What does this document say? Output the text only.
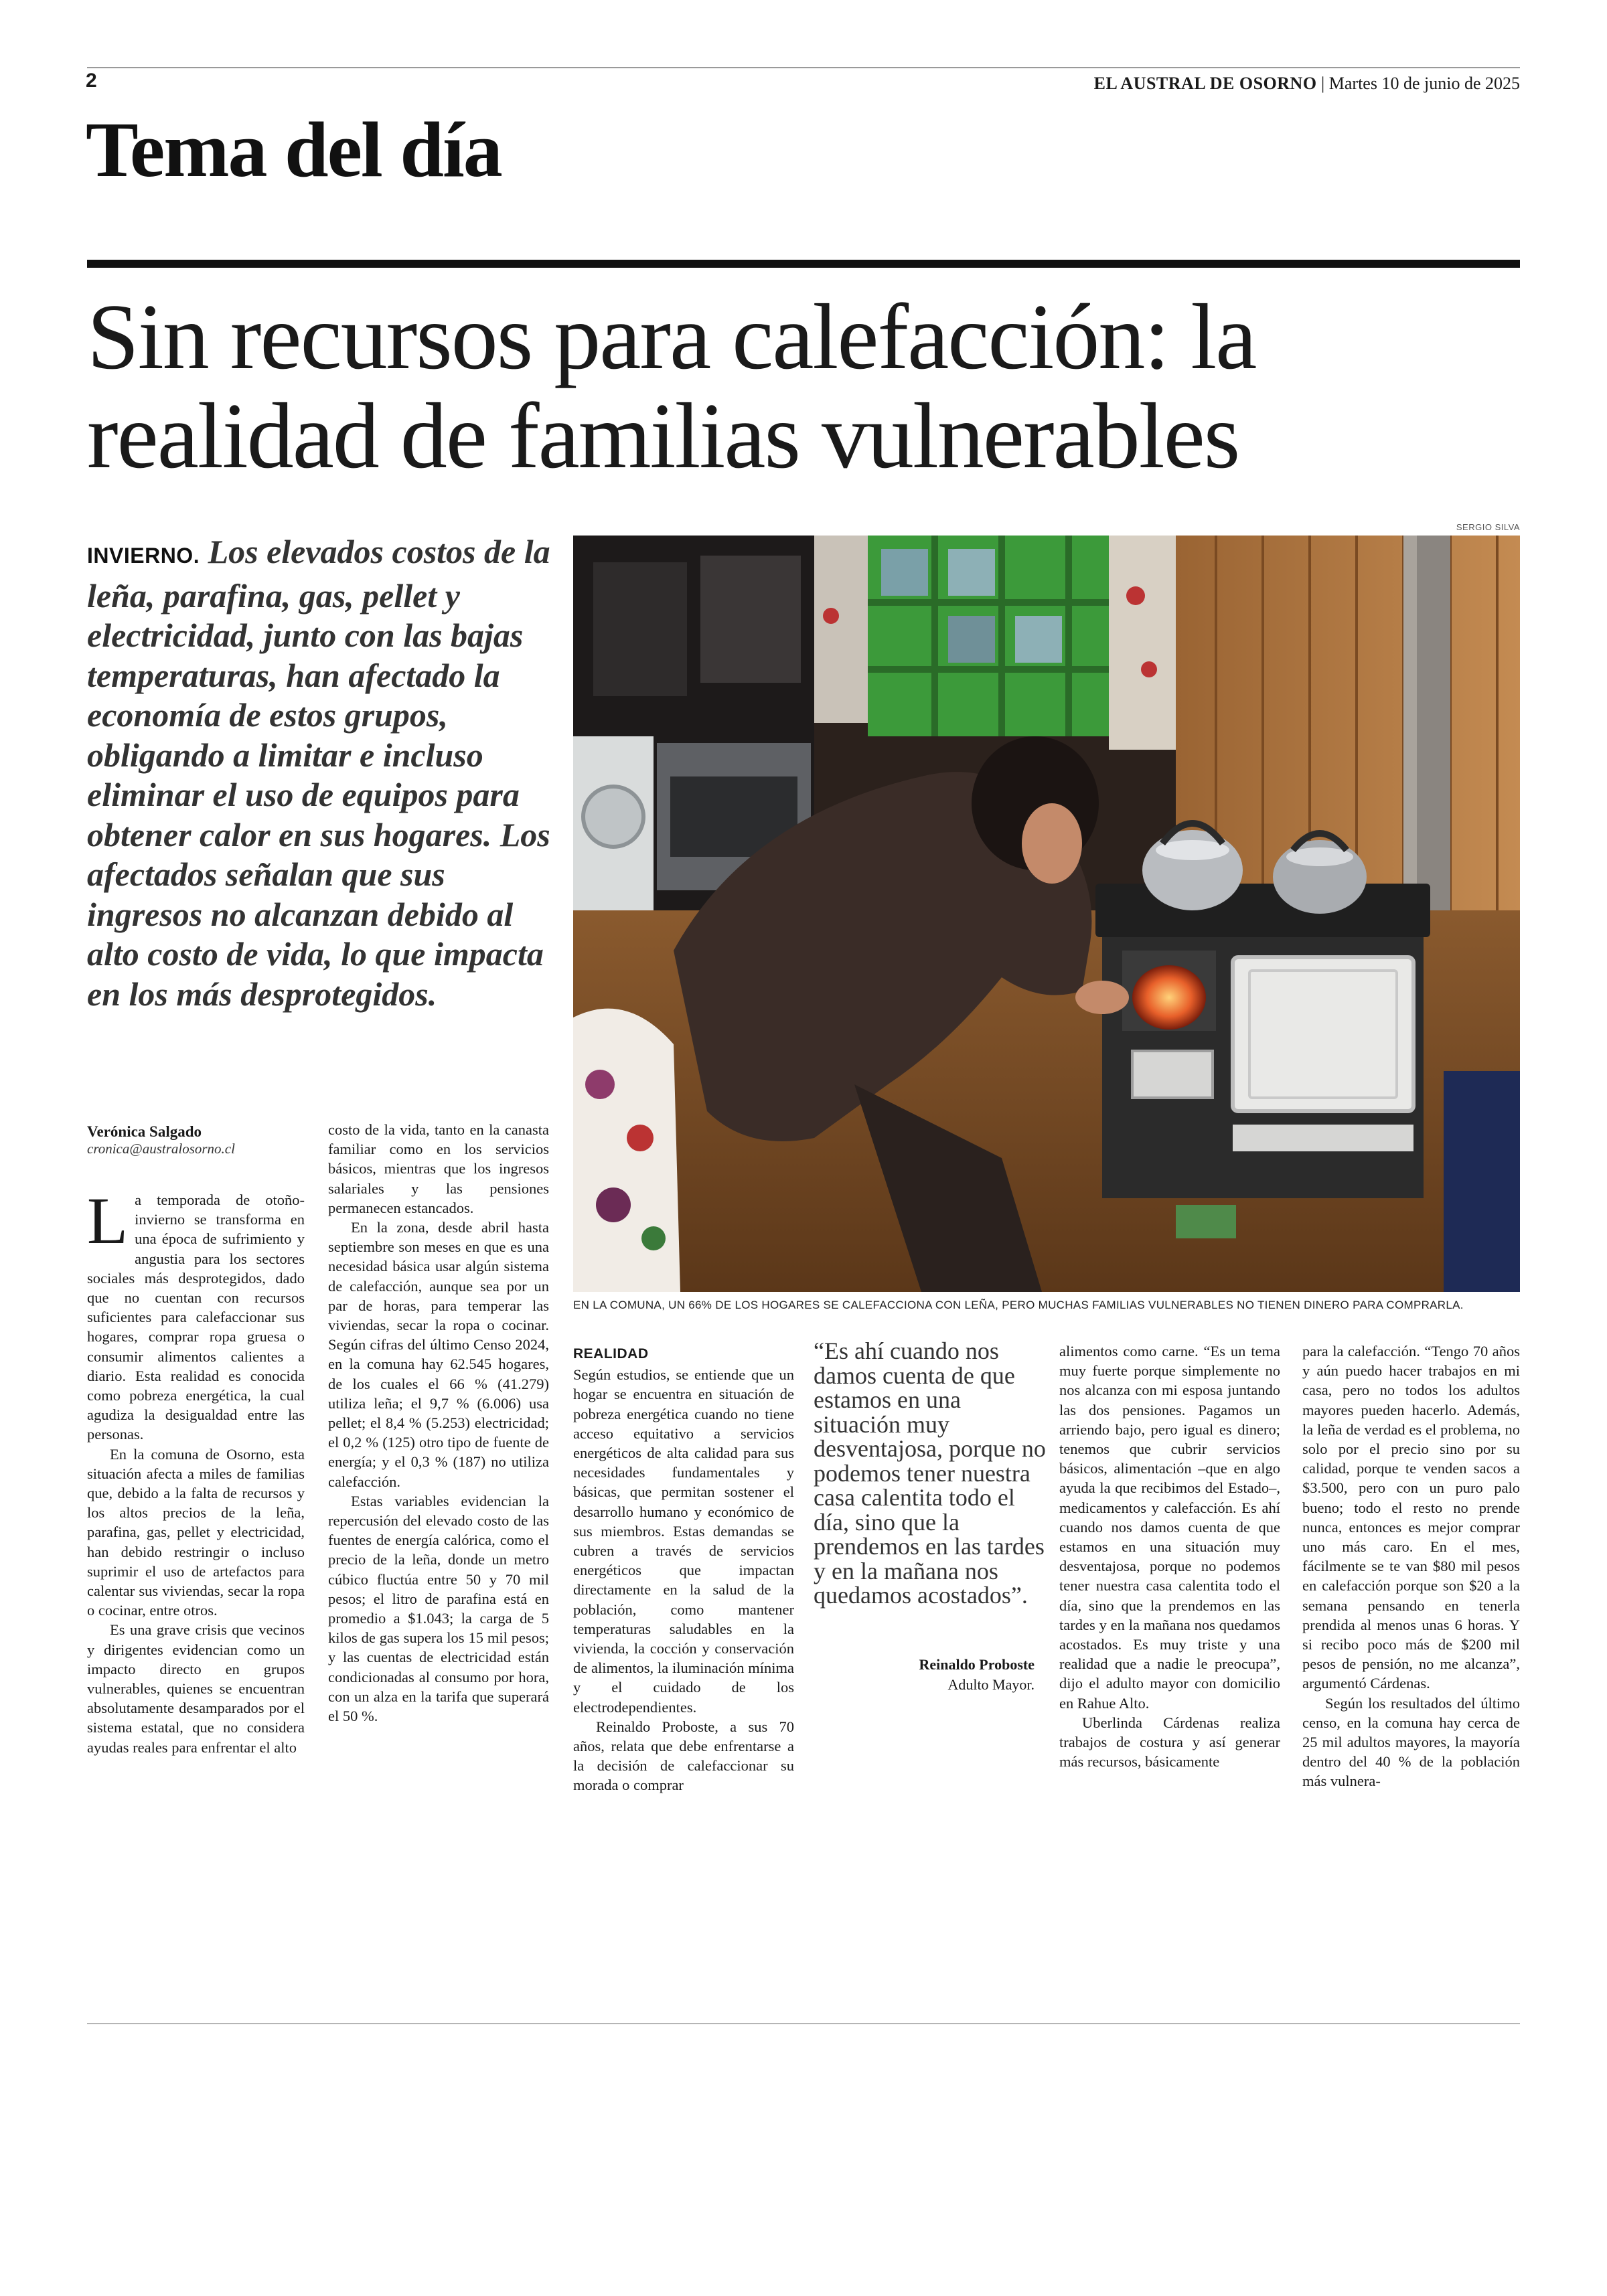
2	EL AUSTRAL DE OSORNO | Martes 10 de junio de 2025
Tema del día
Sin recursos para calefacción: la
realidad de familias vulnerables
INVIERNO. Los elevados costos de la leña, parafina, gas, pellet y electricidad, junto con las bajas temperaturas, han afectado la economía de estos grupos, obligando a limitar e incluso eliminar el uso de equipos para obtener calor en sus hogares. Los afectados señalan que sus ingresos no alcanzan debido al alto costo de vida, lo que impacta en los más desprotegidos.
SERGIO SILVA
EN LA COMUNA, UN 66% DE LOS HOGARES SE CALEFACCIONA CON LEÑA, PERO MUCHAS FAMILIAS VULNERABLES NO TIENEN DINERO PARA COMPRARLA.
Verónica Salgado
cronica@australosorno.cl

La temporada de otoño-invierno se transforma en una época de sufrimiento y angustia para los sectores sociales más desprotegidos, dado que no cuentan con recursos suficientes para calefaccionar sus hogares, comprar ropa gruesa o consumir alimentos calientes a diario. Esta realidad es conocida como pobreza energética, la cual agudiza la desigualdad entre las personas.

En la comuna de Osorno, esta situación afecta a miles de familias que, debido a la falta de recursos y los altos precios de la leña, parafina, gas, pellet y electricidad, han debido restringir o incluso suprimir el uso de artefactos para calentar sus viviendas, secar la ropa o cocinar, entre otros.

Es una grave crisis que vecinos y dirigentes evidencian como un impacto directo en grupos vulnerables, quienes se encuentran absolutamente desamparados por el sistema estatal, que no considera ayudas reales para enfrentar el alto

costo de la vida, tanto en la canasta familiar como en los servicios básicos, mientras que los ingresos salariales y las pensiones permanecen estancados.

En la zona, desde abril hasta septiembre son meses en que es una necesidad básica usar algún sistema de calefacción, aunque sea por un par de horas, para temperar las viviendas, secar la ropa o cocinar. Según cifras del último Censo 2024, en la comuna hay 62.545 hogares, de los cuales el 66 % (41.279) utiliza leña; el 9,7 % (6.006) usa pellet; el 8,4 % (5.253) electricidad; el 0,2 % (125) otro tipo de fuente de energía; y el 0,3 % (187) no utiliza calefacción.

Estas variables evidencian la repercusión del elevado costo de las fuentes de energía calórica, como el precio de la leña, donde un metro cúbico fluctúa entre 50 y 70 mil pesos; el litro de parafina está en promedio a $1.043; la carga de 5 kilos de gas supera los 15 mil pesos; y las cuentas de electricidad están condicionadas al consumo por hora, con un alza en la tarifa que superará el 50 %.

REALIDAD

Según estudios, se entiende que un hogar se encuentra en situación de pobreza energética cuando no tiene acceso equitativo a servicios energéticos de alta calidad para sus necesidades fundamentales y básicas, que permitan sostener el desarrollo humano y económico de sus miembros. Estas demandas se cubren a través de servicios energéticos que impactan directamente en la salud de la población, como mantener temperaturas saludables en la vivienda, la cocción y conservación de alimentos, la iluminación mínima y el cuidado de los electrodependientes.

Reinaldo Proboste, a sus 70 años, relata que debe enfrentarse a la decisión de calefaccionar su morada o comprar

“Es ahí cuando nos damos cuenta de que estamos en una situación muy desventajosa, porque no podemos tener nuestra casa calentita todo el día, sino que la prendemos en las tardes y en la mañana nos quedamos acostados”.
Reinaldo Proboste
Adulto Mayor.

alimentos como carne. “Es un tema muy fuerte porque simplemente no nos alcanza con mi esposa juntando las dos pensiones. Pagamos un arriendo bajo, pero igual es dinero; tenemos que cubrir servicios básicos, alimentación –que en algo ayuda la que recibimos del Estado–, medicamentos y calefacción. Es ahí cuando nos damos cuenta de que estamos en una situación muy desventajosa, porque no podemos tener nuestra casa calentita todo el día, sino que la prendemos en las tardes y en la mañana nos quedamos acostados. Es muy triste y una realidad que a nadie le preocupa”, dijo el adulto mayor con domicilio en Rahue Alto.

Uberlinda Cárdenas realiza trabajos de costura y así generar más recursos, básicamente

para la calefacción. “Tengo 70 años y aún puedo hacer trabajos en mi casa, pero no todos los adultos mayores pueden hacerlo. Además, la leña de verdad es el problema, no solo por el precio sino por su calidad, porque te venden sacos a $3.500, pero con un puro palo bueno; todo el resto no prende nunca, entonces es mejor comprar uno más caro. En el mes, fácilmente se te van $80 mil pesos en calefacción porque son $20 a la semana pensando en tenerla prendida al menos unas 6 horas. Y si recibo poco más de $200 mil pesos de pensión, no me alcanza”, argumentó Cárdenas.

Según los resultados del último censo, en la comuna hay cerca de 25 mil adultos mayores, la mayoría dentro del 40 % de la población más vulnera-
